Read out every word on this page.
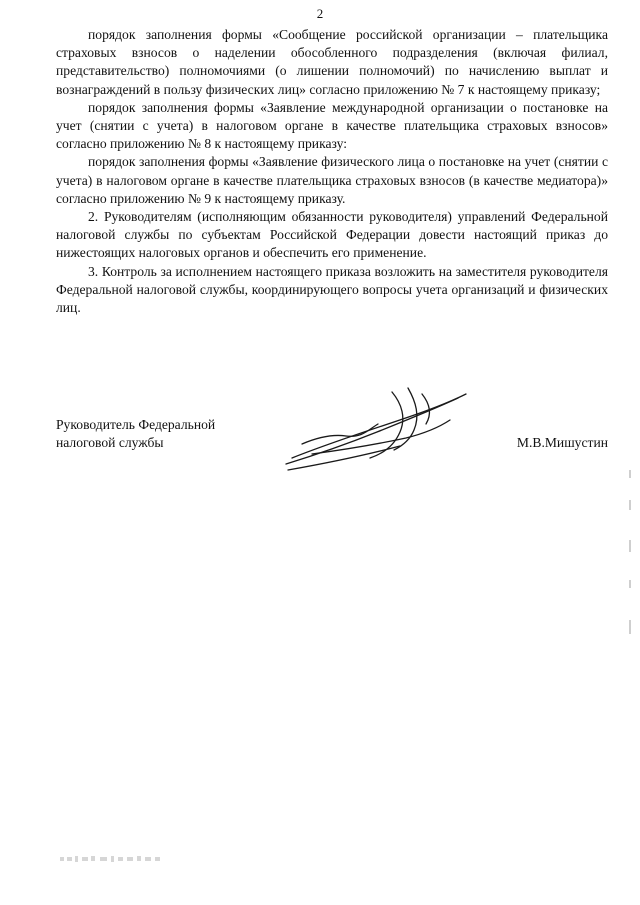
2

порядок заполнения формы «Сообщение российской организации – плательщика страховых взносов о наделении обособленного подразделения (включая филиал, представительство) полномочиями (о лишении полномочий) по начислению выплат и вознаграждений в пользу физических лиц» согласно приложению № 7 к настоящему приказу;

порядок заполнения формы «Заявление международной организации о постановке на учет (снятии с учета) в налоговом органе в качестве плательщика страховых взносов» согласно приложению № 8 к настоящему приказу:

порядок заполнения формы «Заявление физического лица о постановке на учет (снятии с учета) в налоговом органе в качестве плательщика страховых взносов (в качестве медиатора)» согласно приложению № 9 к настоящему приказу.

2. Руководителям (исполняющим обязанности руководителя) управлений Федеральной налоговой службы по субъектам Российской Федерации довести настоящий приказ до нижестоящих налоговых органов и обеспечить его применение.

3. Контроль за исполнением настоящего приказа возложить на заместителя руководителя Федеральной налоговой службы, координирующего вопросы учета организаций и физических лиц.

Руководитель Федеральной
налоговой службы	М.В.Мишустин
